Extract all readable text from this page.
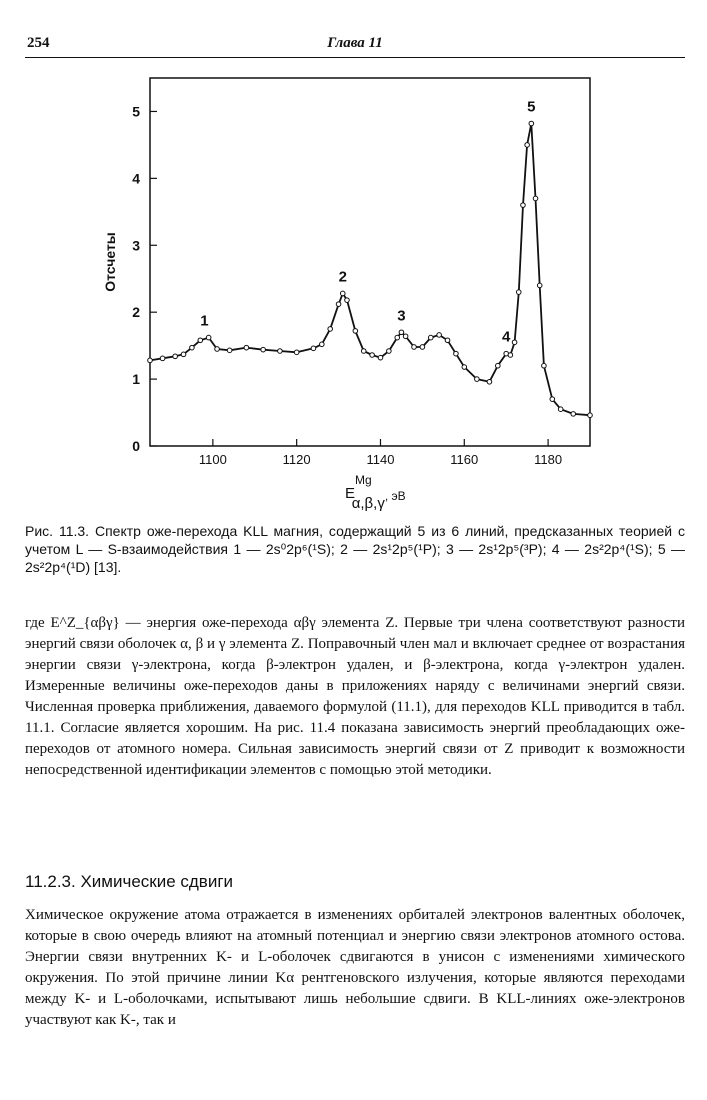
254	Глава 11
1100	1120	1140	1160	1180
0
1
2
3
4
5
Отсчеты
$E^{Mg}$ $\alpha,\beta,\gamma^{, эВ}$
1
2
3
4
5
Рис. 11.3. Спектр оже-перехода KLL магния, содержащий 5 из 6 линий, предсказанных теорией с учетом L — S-взаимодействия 1 — 2s⁰2p⁶(¹S); 2 — 2s¹2p⁵(¹P); 3 — 2s¹2p⁵(³P); 4 — 2s²2p⁴(¹S); 5 — 2s²2p⁴(¹D) [13].
где E^Z_{αβγ} — энергия оже-перехода αβγ элемента Z. Первые три члена соответствуют разности энергий связи оболочек α, β и γ элемента Z. Поправочный член мал и включает среднее от возрастания энергии связи γ-электрона, когда β-электрон удален, и β-электрона, когда γ-электрон удален. Измеренные величины оже-переходов даны в приложениях наряду с величинами энергий связи. Численная проверка приближения, даваемого формулой (11.1), для переходов KLL приводится в табл. 11.1. Согласие является хорошим. На рис. 11.4 показана зависимость энергий преобладающих оже-переходов от атомного номера. Сильная зависимость энергий связи от Z приводит к возможности непосредственной идентификации элементов с помощью этой методики.
11.2.3. Химические сдвиги
Химическое окружение атома отражается в изменениях орбиталей электронов валентных оболочек, которые в свою очередь влияют на атомный потенциал и энергию связи электронов атомного остова. Энергии связи внутренних K- и L-оболочек сдвигаются в унисон с изменениями химического окружения. По этой причине линии Kα рентгеновского излучения, которые являются переходами между K- и L-оболочками, испытывают лишь небольшие сдвиги. В KLL-линиях оже-электронов участвуют как K-, так и
